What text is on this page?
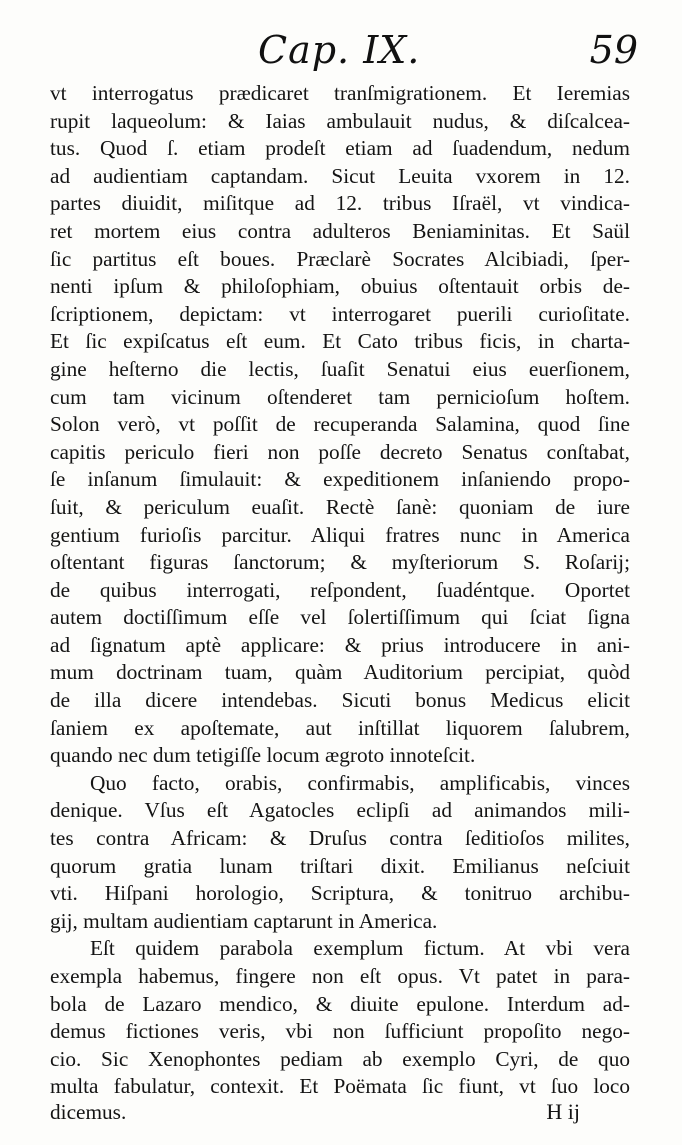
Cap. IX.	59
vt interrogatus prædicaret tranſmigrationem. Et Ieremias
rupit laqueolum: & Iaias ambulauit nudus, & diſcalcea-
tus. Quod ſ. etiam prodeſt etiam ad ſuadendum, nedum
ad audientiam captandam. Sicut Leuita vxorem in 12.
partes diuidit, miſitque ad 12. tribus Iſraël, vt vindica-
ret mortem eius contra adulteros Beniaminitas. Et Saül
ſic partitus eſt boues. Præclarè Socrates Alcibiadi, ſper-
nenti ipſum & philoſophiam, obuius oſtentauit orbis de-
ſcriptionem, depictam: vt interrogaret puerili curioſitate.
Et ſic expiſcatus eſt eum. Et Cato tribus ficis, in charta-
gine heſterno die lectis, ſuaſit Senatui eius euerſionem,
cum tam vicinum oſtenderet tam pernicioſum hoſtem.
Solon verò, vt poſſit de recuperanda Salamina, quod ſine
capitis periculo fieri non poſſe decreto Senatus conſtabat,
ſe inſanum ſimulauit: & expeditionem inſaniendo propo-
ſuit, & periculum euaſit. Rectè ſanè: quoniam de iure
gentium furioſis parcitur. Aliqui fratres nunc in America
oſtentant figuras ſanctorum; & myſteriorum S. Roſarij;
de quibus interrogati, reſpondent, ſuadéntque. Oportet
autem doctiſſimum eſſe vel ſolertiſſimum qui ſciat ſigna
ad ſignatum aptè applicare: & prius introducere in ani-
mum doctrinam tuam, quàm Auditorium percipiat, quòd
de illa dicere intendebas. Sicuti bonus Medicus elicit
ſaniem ex apoſtemate, aut inſtillat liquorem ſalubrem,
quando nec dum tetigiſſe locum ægroto innoteſcit.
Quo facto, orabis, confirmabis, amplificabis, vinces
denique. Vſus eſt Agatocles eclipſi ad animandos mili-
tes contra Africam: & Druſus contra ſeditioſos milites,
quorum gratia lunam triſtari dixit. Emilianus neſciuit
vti. Hiſpani horologio, Scriptura, & tonitruo archibu-
gij, multam audientiam captarunt in America.
Eſt quidem parabola exemplum fictum. At vbi vera
exempla habemus, fingere non eſt opus. Vt patet in para-
bola de Lazaro mendico, & diuite epulone. Interdum ad-
demus fictiones veris, vbi non ſufficiunt propoſito nego-
cio. Sic Xenophontes pediam ab exemplo Cyri, de quo
multa fabulatur, contexit. Et Poëmata ſic fiunt, vt ſuo loco
dicemus.	H ij
